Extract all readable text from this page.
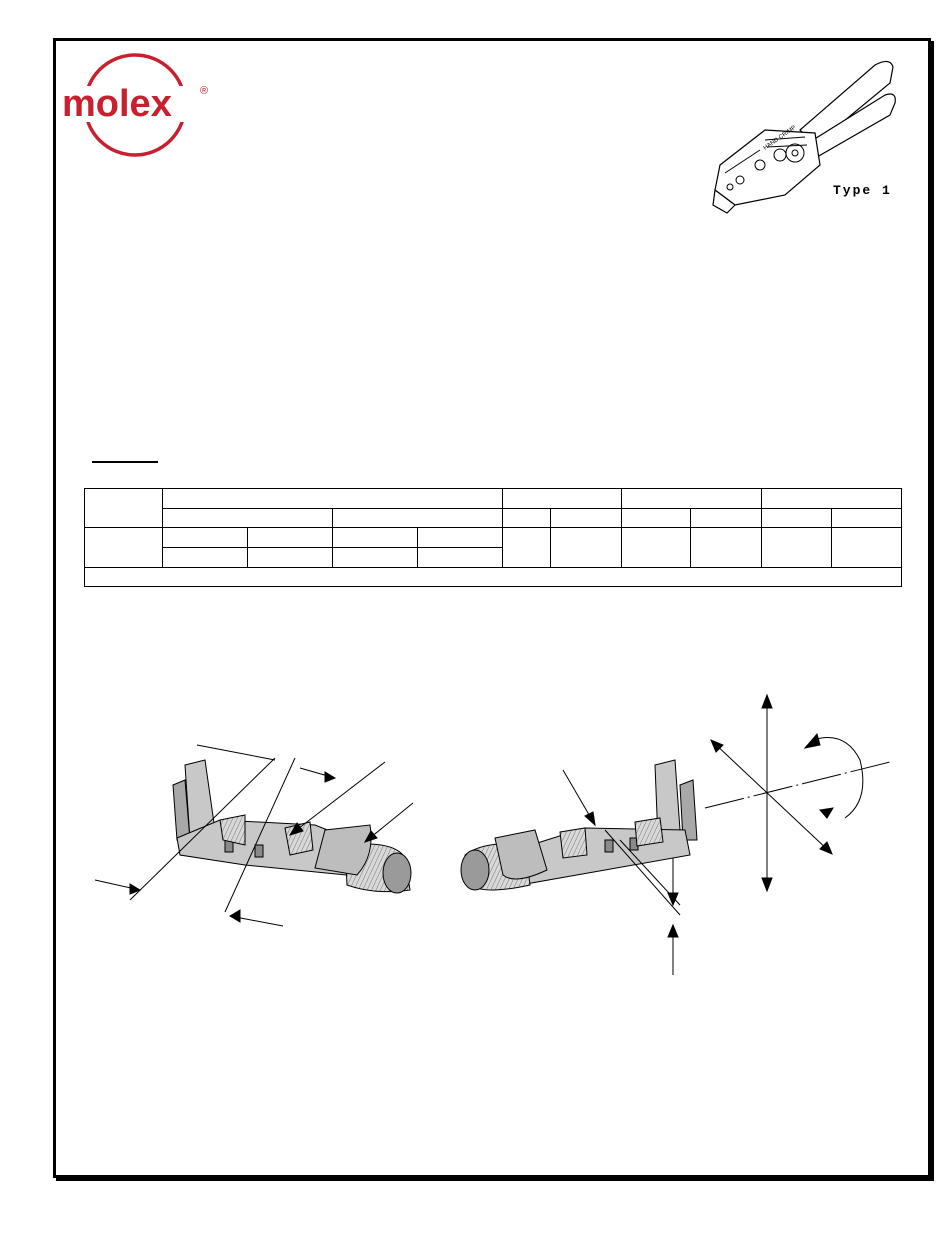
molex	®
HAND CRIMP
Type 1
